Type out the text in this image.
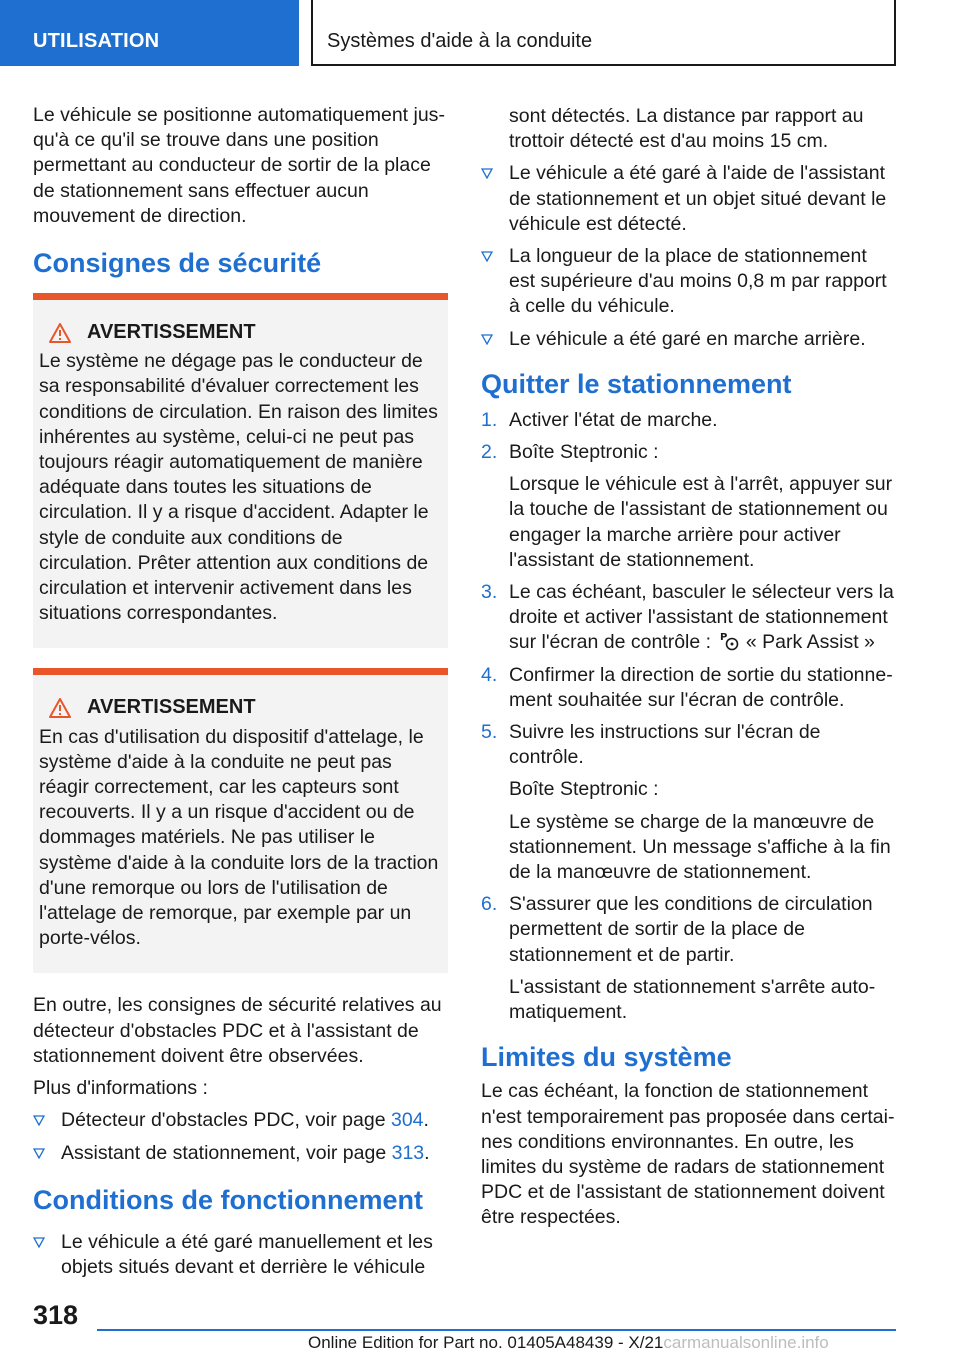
UTILISATION	Systèmes d'aide à la conduite

Le véhicule se positionne automatiquement jusqu'à ce qu'il se trouve dans une position permettant au conducteur de sortir de la place de stationnement sans effectuer aucun mouvement de direction.

Consignes de sécurité
AVERTISSEMENT

Le système ne dégage pas le conducteur de sa responsabilité d'évaluer correctement les conditions de circulation. En raison des limites inhérentes au système, celui-ci ne peut pas toujours réagir automatiquement de manière adéquate dans toutes les situations de circulation. Il y a risque d'accident. Adapter le style de conduite aux conditions de circulation. Prêter attention aux conditions de circulation et intervenir activement dans les situations correspondantes.

AVERTISSEMENT

En cas d'utilisation du dispositif d'attelage, le système d'aide à la conduite ne peut pas réagir correctement, car les capteurs sont recouverts. Il y a un risque d'accident ou de dommages matériels. Ne pas utiliser le système d'aide à la conduite lors de la traction d'une remorque ou lors de l'utilisation de l'attelage de remorque, par exemple par un porte-vélos.

En outre, les consignes de sécurité relatives au détecteur d'obstacles PDC et à l'assistant de stationnement doivent être observées.

Plus d'informations :

Détecteur d'obstacles PDC, voir page 304.
Assistant de stationnement, voir page 313.
Conditions de fonctionnement
Le véhicule a été garé manuellement et les objets situés devant et derrière le véhicule

sont détectés. La distance par rapport au trottoir détecté est d'au moins 15 cm.

Le véhicule a été garé à l'aide de l'assistant de stationnement et un objet situé devant le véhicule est détecté.
La longueur de la place de stationnement est supérieure d'au moins 0,8 m par rapport à celle du véhicule.
Le véhicule a été garé en marche arrière.
Quitter le stationnement
1. Activer l'état de marche.
2. Boîte Steptronic :

Lorsque le véhicule est à l'arrêt, appuyer sur la touche de l'assistant de stationnement ou engager la marche arrière pour activer l'assistant de stationnement.

3. Le cas échéant, basculer le sélecteur vers la droite et activer l'assistant de stationnement sur l'écran de contrôle : P « Park Assist »
4. Confirmer la direction de sortie du stationnement souhaitée sur l'écran de contrôle.
5. Suivre les instructions sur l'écran de contrôle.

Boîte Steptronic :

Le système se charge de la manœuvre de stationnement. Un message s'affiche à la fin de la manœuvre de stationnement.

6. S'assurer que les conditions de circulation permettent de sortir de la place de stationnement et de partir.

L'assistant de stationnement s'arrête automatiquement.

Limites du système

Le cas échéant, la fonction de stationnement n'est temporairement pas proposée dans certaines conditions environnantes. En outre, les limites du système de radars de stationnement PDC et de l'assistant de stationnement doivent être respectées.

318
Online Edition for Part no. 01405A48439 - X/21carmanualsonline.info
